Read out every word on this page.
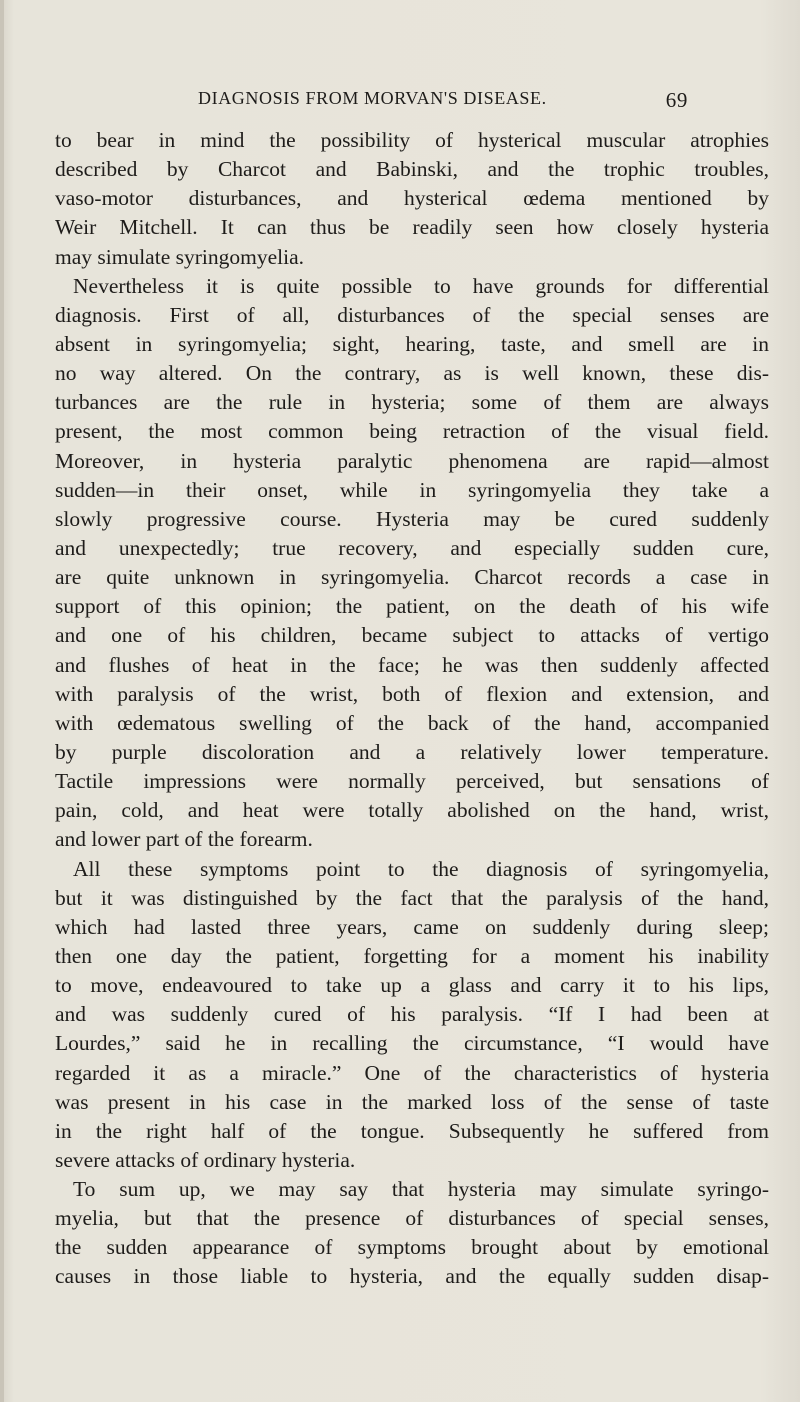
DIAGNOSIS FROM MORVAN'S DISEASE.	69

to bear in mind the possibility of hysterical muscular atrophies
described by Charcot and Babinski, and the trophic troubles,
vaso-motor disturbances, and hysterical œdema mentioned by
Weir Mitchell. It can thus be readily seen how closely hysteria
may simulate syringomyelia.

Nevertheless it is quite possible to have grounds for differential
diagnosis. First of all, disturbances of the special senses are
absent in syringomyelia; sight, hearing, taste, and smell are in
no way altered. On the contrary, as is well known, these dis-
turbances are the rule in hysteria; some of them are always
present, the most common being retraction of the visual field.
Moreover, in hysteria paralytic phenomena are rapid—almost
sudden—in their onset, while in syringomyelia they take a
slowly progressive course. Hysteria may be cured suddenly
and unexpectedly; true recovery, and especially sudden cure,
are quite unknown in syringomyelia. Charcot records a case in
support of this opinion; the patient, on the death of his wife
and one of his children, became subject to attacks of vertigo
and flushes of heat in the face; he was then suddenly affected
with paralysis of the wrist, both of flexion and extension, and
with œdematous swelling of the back of the hand, accompanied
by purple discoloration and a relatively lower temperature.
Tactile impressions were normally perceived, but sensations of
pain, cold, and heat were totally abolished on the hand, wrist,
and lower part of the forearm.

All these symptoms point to the diagnosis of syringomyelia,
but it was distinguished by the fact that the paralysis of the hand,
which had lasted three years, came on suddenly during sleep;
then one day the patient, forgetting for a moment his inability
to move, endeavoured to take up a glass and carry it to his lips,
and was suddenly cured of his paralysis. “If I had been at
Lourdes,” said he in recalling the circumstance, “I would have
regarded it as a miracle.” One of the characteristics of hysteria
was present in his case in the marked loss of the sense of taste
in the right half of the tongue. Subsequently he suffered from
severe attacks of ordinary hysteria.

To sum up, we may say that hysteria may simulate syringo-
myelia, but that the presence of disturbances of special senses,
the sudden appearance of symptoms brought about by emotional
causes in those liable to hysteria, and the equally sudden disap-
